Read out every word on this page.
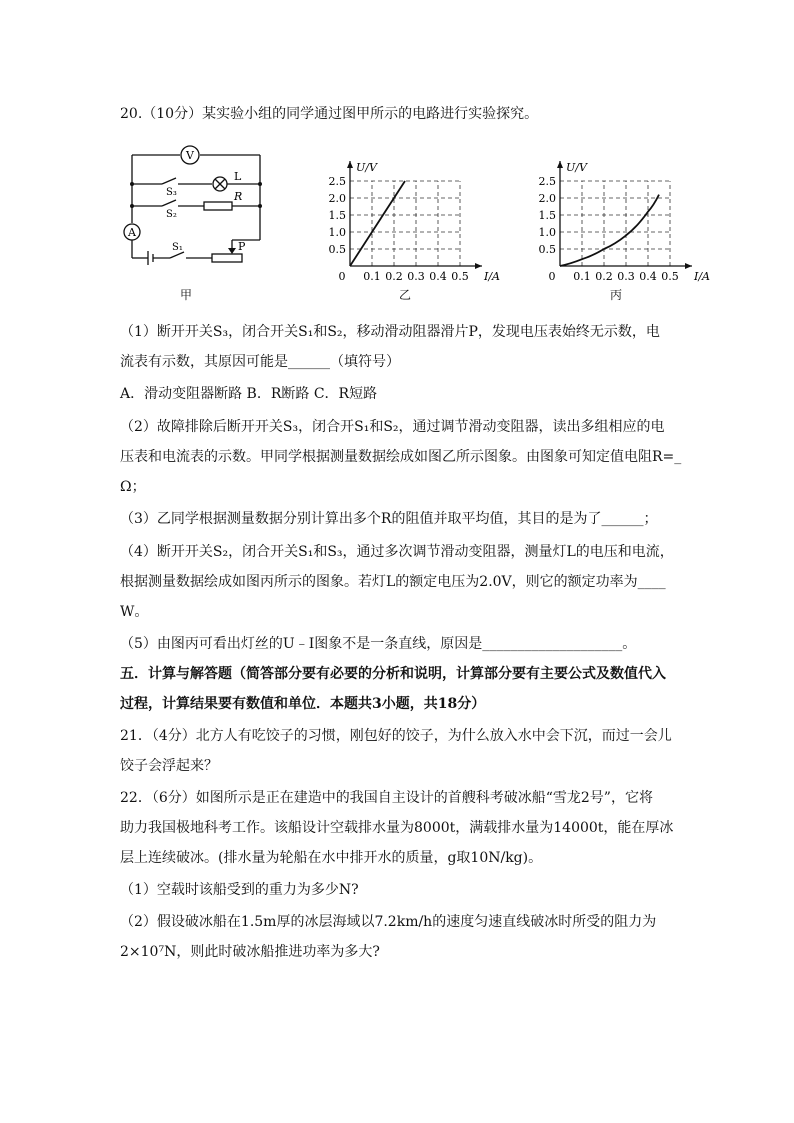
20.（10分）某实验小组的同学通过图甲所示的电路进行实验探究。
V
A
L
R
S₃
S₂
S₁	P
甲
0.1 0.2 0.3 0.4 0.5
0.5
1.0
1.5
2.0
2.5
0	I/A
U/V
乙
0.1 0.2 0.3 0.4 0.5
0.5
1.0
1.5
2.0
2.5
0	I/A
U/V
丙
（1）断开开关S₃，闭合开关S₁和S₂，移动滑动阻器滑片P，发现电压表始终无示数，电
流表有示数，其原因可能是______（填符号）
A．滑动变阻器断路 B．R断路 C．R短路
（2）故障排除后断开开关S₃，闭合开S₁和S₂，通过调节滑动变阻器，读出多组相应的电
压表和电流表的示数。甲同学根据测量数据绘成如图乙所示图象。由图象可知定值电阻R=_
Ω；
（3）乙同学根据测量数据分别计算出多个R的阻值并取平均值，其目的是为了______；
（4）断开开关S₂，闭合开关S₁和S₃，通过多次调节滑动变阻器，测量灯L的电压和电流，
根据测量数据绘成如图丙所示的图象。若灯L的额定电压为2.0V，则它的额定功率为____
W。
（5）由图丙可看出灯丝的U﹣I图象不是一条直线，原因是____________________。
五．计算与解答题（简答部分要有必要的分析和说明，计算部分要有主要公式及数值代入
过程，计算结果要有数值和单位．本题共3小题，共18分）
21．（4分）北方人有吃饺子的习惯，刚包好的饺子，为什么放入水中会下沉，而过一会儿
饺子会浮起来？
22．（6分）如图所示是正在建造中的我国自主设计的首艘科考破冰船“雪龙2号”，它将
助力我国极地科考工作。该船设计空载排水量为8000t，满载排水量为14000t，能在厚冰
层上连续破冰。(排水量为轮船在水中排开水的质量，g取10N/kg)。
（1）空载时该船受到的重力为多少N?
（2）假设破冰船在1.5m厚的冰层海域以7.2km/h的速度匀速直线破冰时所受的阻力为
2×10⁷N，则此时破冰船推进功率为多大?
